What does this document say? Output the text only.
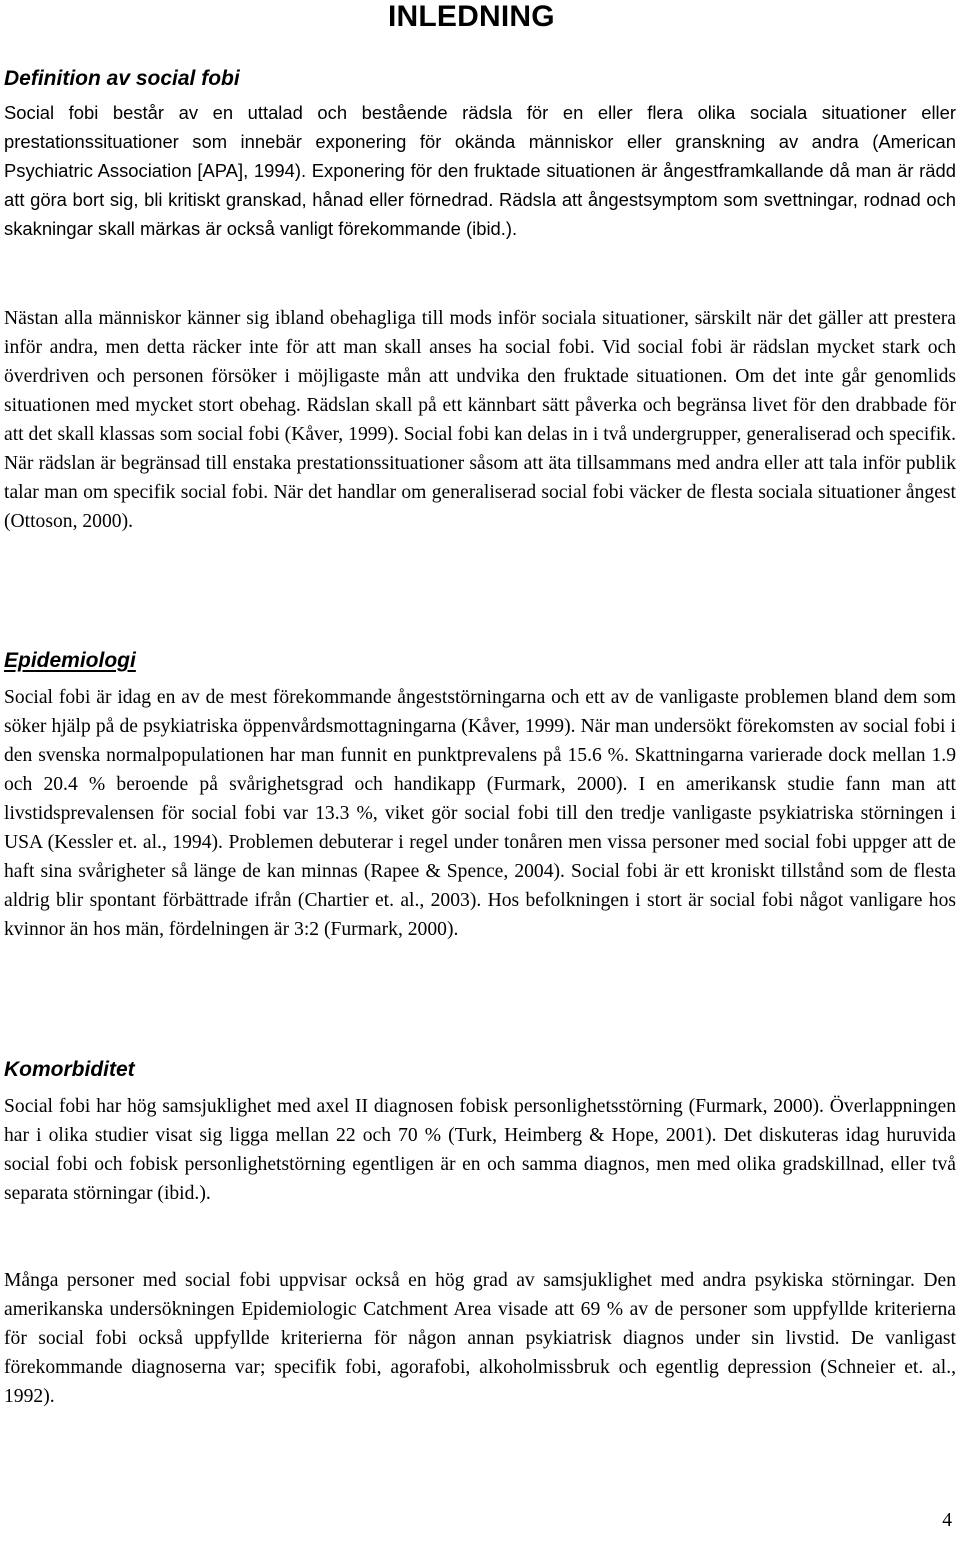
INLEDNING
Definition av social fobi

Social fobi består av en uttalad och bestående rädsla för en eller flera olika sociala situationer eller prestationssituationer som innebär exponering för okända människor eller granskning av andra (American Psychiatric Association [APA], 1994). Exponering för den fruktade situationen är ångestframkallande då man är rädd att göra bort sig, bli kritiskt granskad, hånad eller förnedrad. Rädsla att ångestsymptom som svettningar, rodnad och skakningar skall märkas är också vanligt förekommande (ibid.).

Nästan alla människor känner sig ibland obehagliga till mods inför sociala situationer, särskilt när det gäller att prestera inför andra, men detta räcker inte för att man skall anses ha social fobi. Vid social fobi är rädslan mycket stark och överdriven och personen försöker i möjligaste mån att undvika den fruktade situationen. Om det inte går genomlids situationen med mycket stort obehag. Rädslan skall på ett kännbart sätt påverka och begränsa livet för den drabbade för att det skall klassas som social fobi (Kåver, 1999). Social fobi kan delas in i två undergrupper, generaliserad och specifik. När rädslan är begränsad till enstaka prestationssituationer såsom att äta tillsammans med andra eller att tala inför publik talar man om specifik social fobi. När det handlar om generaliserad social fobi väcker de flesta sociala situationer ångest (Ottoson, 2000).

Epidemiologi

Social fobi är idag en av de mest förekommande ångeststörningarna och ett av de vanligaste problemen bland dem som söker hjälp på de psykiatriska öppenvårdsmottagningarna (Kåver, 1999). När man undersökt förekomsten av social fobi i den svenska normalpopulationen har man funnit en punktprevalens på 15.6 %. Skattningarna varierade dock mellan 1.9 och 20.4 % beroende på svårighetsgrad och handikapp (Furmark, 2000). I en amerikansk studie fann man att livstidsprevalensen för social fobi var 13.3 %, viket gör social fobi till den tredje vanligaste psykiatriska störningen i USA (Kessler et. al., 1994). Problemen debuterar i regel under tonåren men vissa personer med social fobi uppger att de haft sina svårigheter så länge de kan minnas (Rapee & Spence, 2004). Social fobi är ett kroniskt tillstånd som de flesta aldrig blir spontant förbättrade ifrån (Chartier et. al., 2003). Hos befolkningen i stort är social fobi något vanligare hos kvinnor än hos män, fördelningen är 3:2 (Furmark, 2000).

Komorbiditet

Social fobi har hög samsjuklighet med axel II diagnosen fobisk personlighetsstörning (Furmark, 2000). Överlappningen har i olika studier visat sig ligga mellan 22 och 70 % (Turk, Heimberg & Hope, 2001). Det diskuteras idag huruvida social fobi och fobisk personlighetstörning egentligen är en och samma diagnos, men med olika gradskillnad, eller två separata störningar (ibid.).

Många personer med social fobi uppvisar också en hög grad av samsjuklighet med andra psykiska störningar. Den amerikanska undersökningen Epidemiologic Catchment Area visade att 69 % av de personer som uppfyllde kriterierna för social fobi också uppfyllde kriterierna för någon annan psykiatrisk diagnos under sin livstid. De vanligast förekommande diagnoserna var; specifik fobi, agorafobi, alkoholmissbruk och egentlig depression (Schneier et. al., 1992).

4
